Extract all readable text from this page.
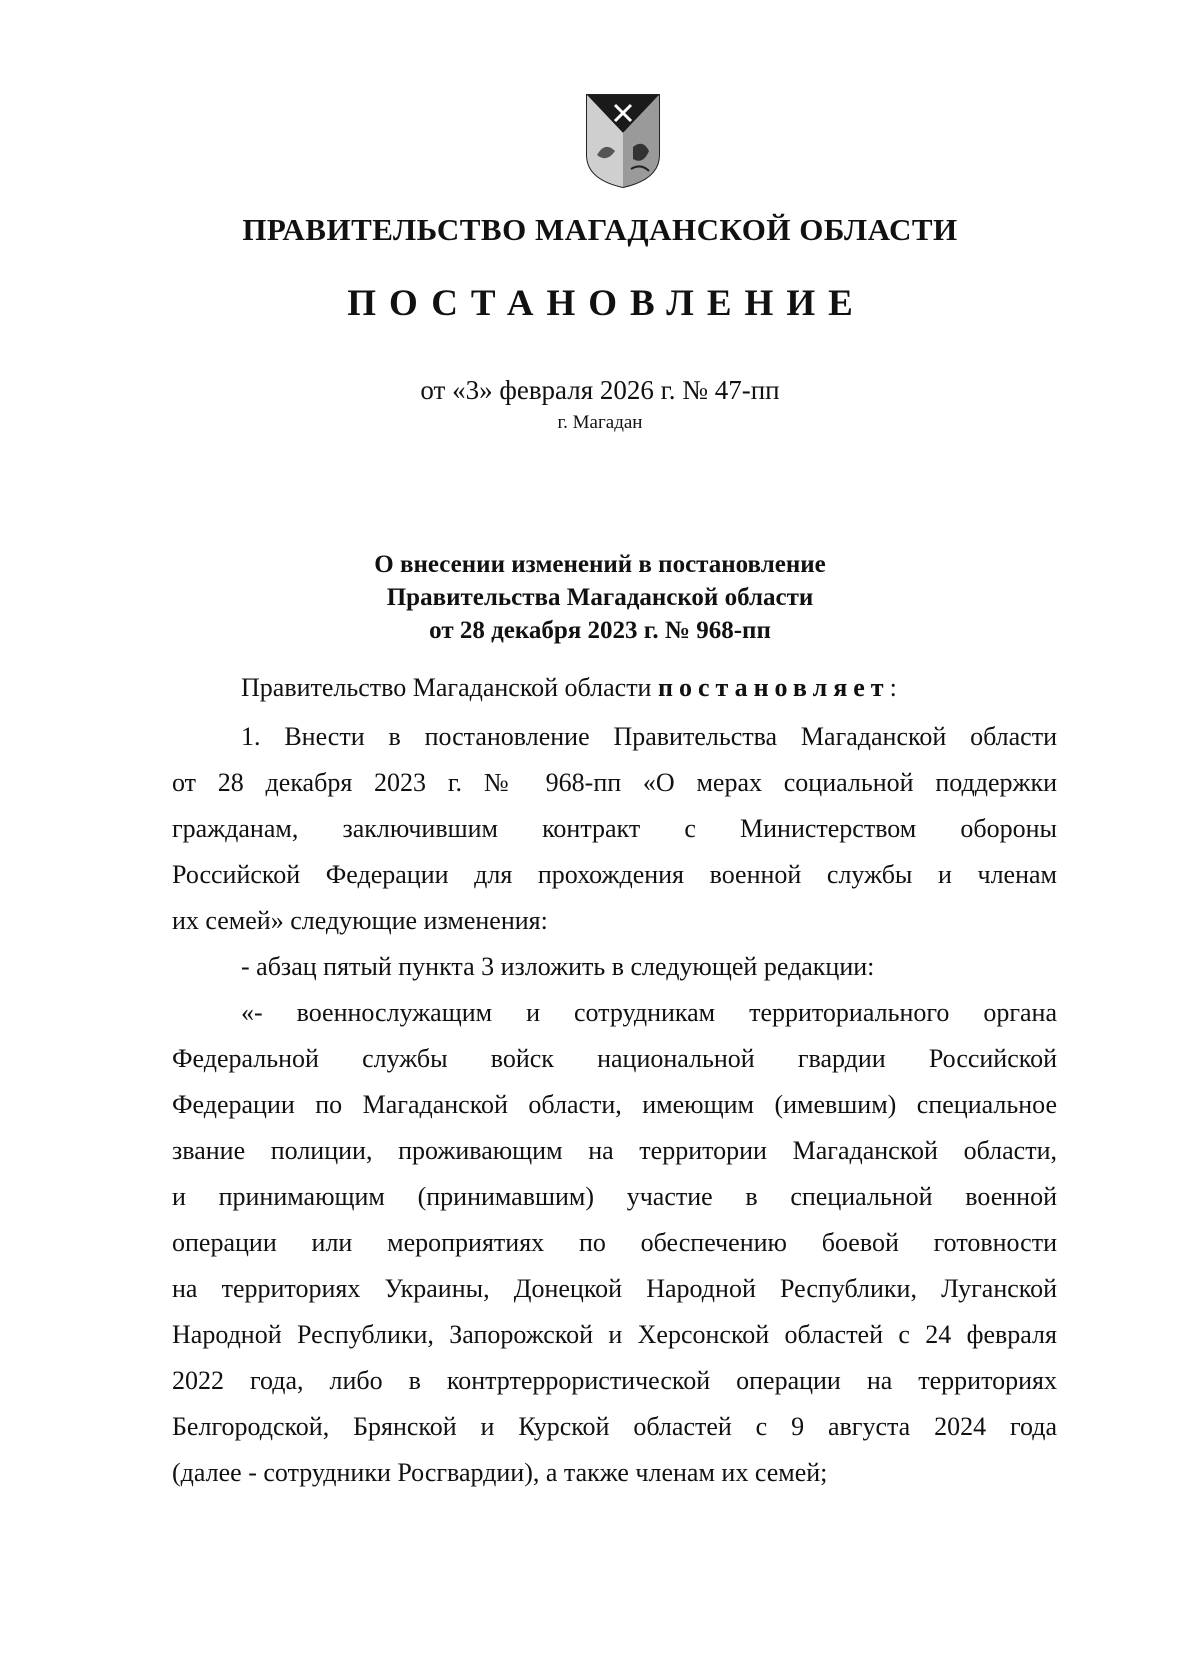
ПРАВИТЕЛЬСТВО МАГАДАНСКОЙ ОБЛАСТИ
ПОСТАНОВЛЕНИЕ
от «3» февраля 2026 г. № 47-пп
г. Магадан
О внесении изменений в постановление
Правительства Магаданской области
от 28 декабря 2023 г. № 968-пп
Правительство Магаданской области постановляет:
1. Внести в постановление Правительства Магаданской области
от 28 декабря 2023 г. № 968-пп «О мерах социальной поддержки
гражданам, заключившим контракт с Министерством обороны
Российской Федерации для прохождения военной службы и членам
их семей» следующие изменения:
- абзац пятый пункта 3 изложить в следующей редакции:
«- военнослужащим и сотрудникам территориального органа
Федеральной службы войск национальной гвардии Российской
Федерации по Магаданской области, имеющим (имевшим) специальное
звание полиции, проживающим на территории Магаданской области,
и принимающим (принимавшим) участие в специальной военной
операции или мероприятиях по обеспечению боевой готовности
на территориях Украины, Донецкой Народной Республики, Луганской
Народной Республики, Запорожской и Херсонской областей с 24 февраля
2022 года, либо в контртеррористической операции на территориях
Белгородской, Брянской и Курской областей с 9 августа 2024 года
(далее - сотрудники Росгвардии), а также членам их семей;
